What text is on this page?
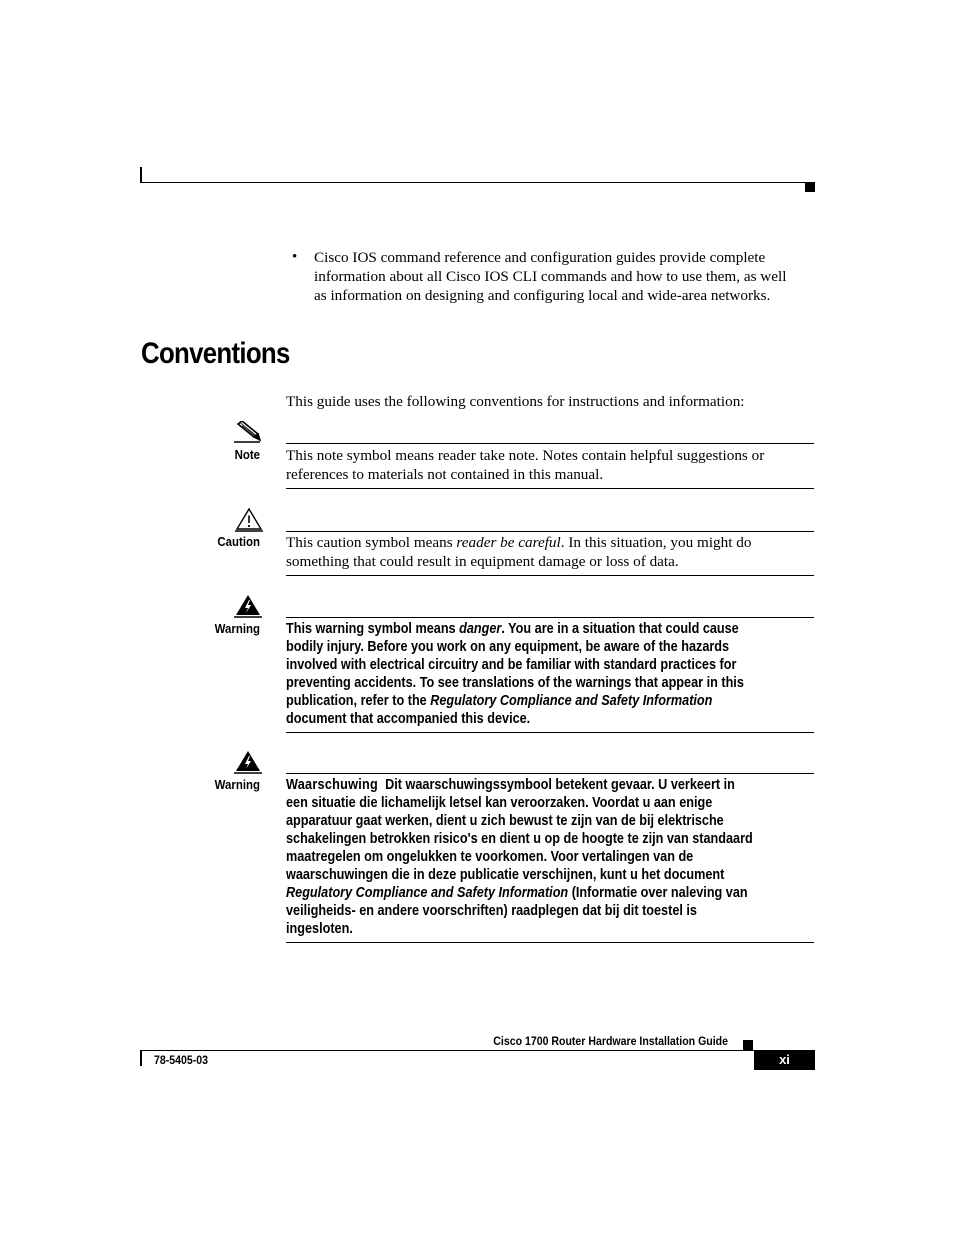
• Cisco IOS command reference and configuration guides provide complete
information about all Cisco IOS CLI commands and how to use them, as well
as information on designing and configuring local and wide-area networks.
Conventions
This guide uses the following conventions for instructions and information:
Note This note symbol means reader take note. Notes contain helpful suggestions or
references to materials not contained in this manual.
Caution This caution symbol means reader be careful. In this situation, you might do
something that could result in equipment damage or loss of data.
Warning This warning symbol means danger. You are in a situation that could cause
bodily injury. Before you work on any equipment, be aware of the hazards
involved with electrical circuitry and be familiar with standard practices for
preventing accidents. To see translations of the warnings that appear in this
publication, refer to the Regulatory Compliance and Safety Information
document that accompanied this device.
Warning Waarschuwing Dit waarschuwingssymbool betekent gevaar. U verkeert in
een situatie die lichamelijk letsel kan veroorzaken. Voordat u aan enige
apparatuur gaat werken, dient u zich bewust te zijn van de bij elektrische
schakelingen betrokken risico's en dient u op de hoogte te zijn van standaard
maatregelen om ongelukken te voorkomen. Voor vertalingen van de
waarschuwingen die in deze publicatie verschijnen, kunt u het document
Regulatory Compliance and Safety Information (Informatie over naleving van
veiligheids- en andere voorschriften) raadplegen dat bij dit toestel is
ingesloten.
Cisco 1700 Router Hardware Installation Guide
78-5405-03	xi
